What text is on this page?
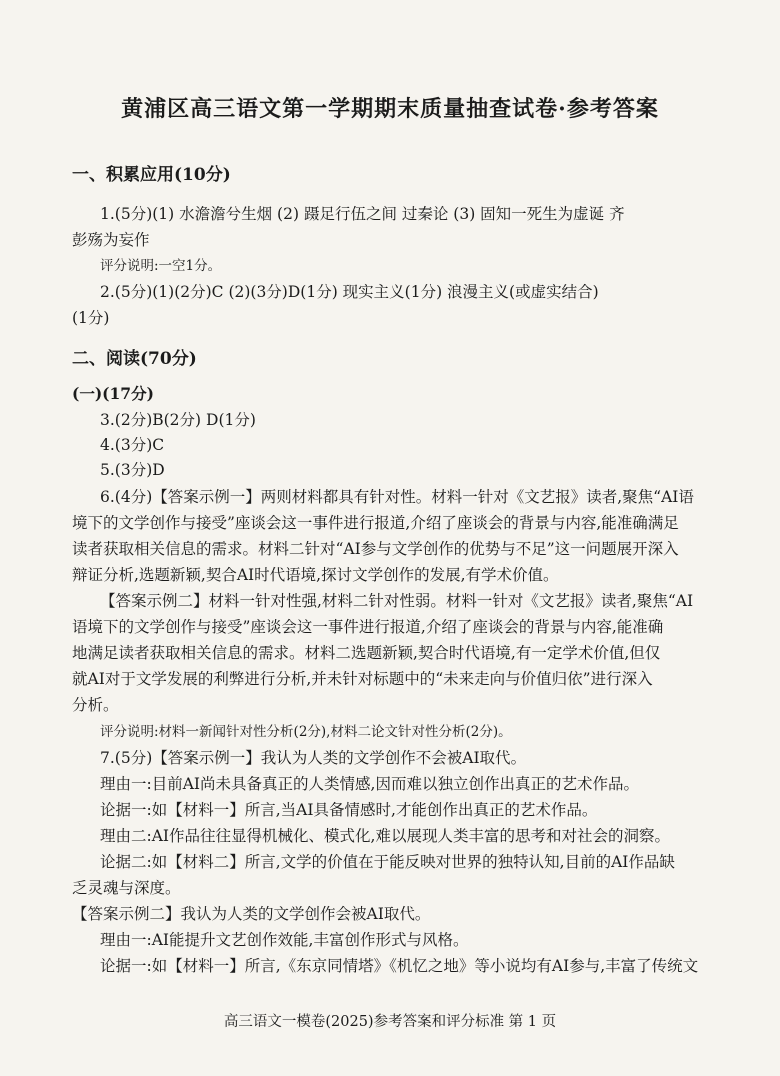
黄浦区高三语文第一学期期末质量抽查试卷·参考答案
一、积累应用(10分)
1.(5分)(1) 水澹澹兮生烟 (2) 蹑足行伍之间 过秦论 (3) 固知一死生为虚诞 齐
彭殇为妄作
评分说明:一空1分。
2.(5分)(1)(2分)C (2)(3分)D(1分) 现实主义(1分) 浪漫主义(或虚实结合)
(1分)
二、阅读(70分)
(一)(17分)
3.(2分)B(2分) D(1分)
4.(3分)C
5.(3分)D
6.(4分)【答案示例一】两则材料都具有针对性。材料一针对《文艺报》读者,聚焦“AI语
境下的文学创作与接受”座谈会这一事件进行报道,介绍了座谈会的背景与内容,能准确满足
读者获取相关信息的需求。材料二针对“AI参与文学创作的优势与不足”这一问题展开深入
辩证分析,选题新颖,契合AI时代语境,探讨文学创作的发展,有学术价值。
【答案示例二】材料一针对性强,材料二针对性弱。材料一针对《文艺报》读者,聚焦“AI
语境下的文学创作与接受”座谈会这一事件进行报道,介绍了座谈会的背景与内容,能准确
地满足读者获取相关信息的需求。材料二选题新颖,契合时代语境,有一定学术价值,但仅
就AI对于文学发展的利弊进行分析,并未针对标题中的“未来走向与价值归依”进行深入
分析。
评分说明:材料一新闻针对性分析(2分),材料二论文针对性分析(2分)。
7.(5分)【答案示例一】我认为人类的文学创作不会被AI取代。
理由一:目前AI尚未具备真正的人类情感,因而难以独立创作出真正的艺术作品。
论据一:如【材料一】所言,当AI具备情感时,才能创作出真正的艺术作品。
理由二:AI作品往往显得机械化、模式化,难以展现人类丰富的思考和对社会的洞察。
论据二:如【材料二】所言,文学的价值在于能反映对世界的独特认知,目前的AI作品缺
乏灵魂与深度。
【答案示例二】我认为人类的文学创作会被AI取代。
理由一:AI能提升文艺创作效能,丰富创作形式与风格。
论据一:如【材料一】所言,《东京同情塔》《机忆之地》等小说均有AI参与,丰富了传统文
高三语文一模卷(2025)参考答案和评分标准 第 1 页
